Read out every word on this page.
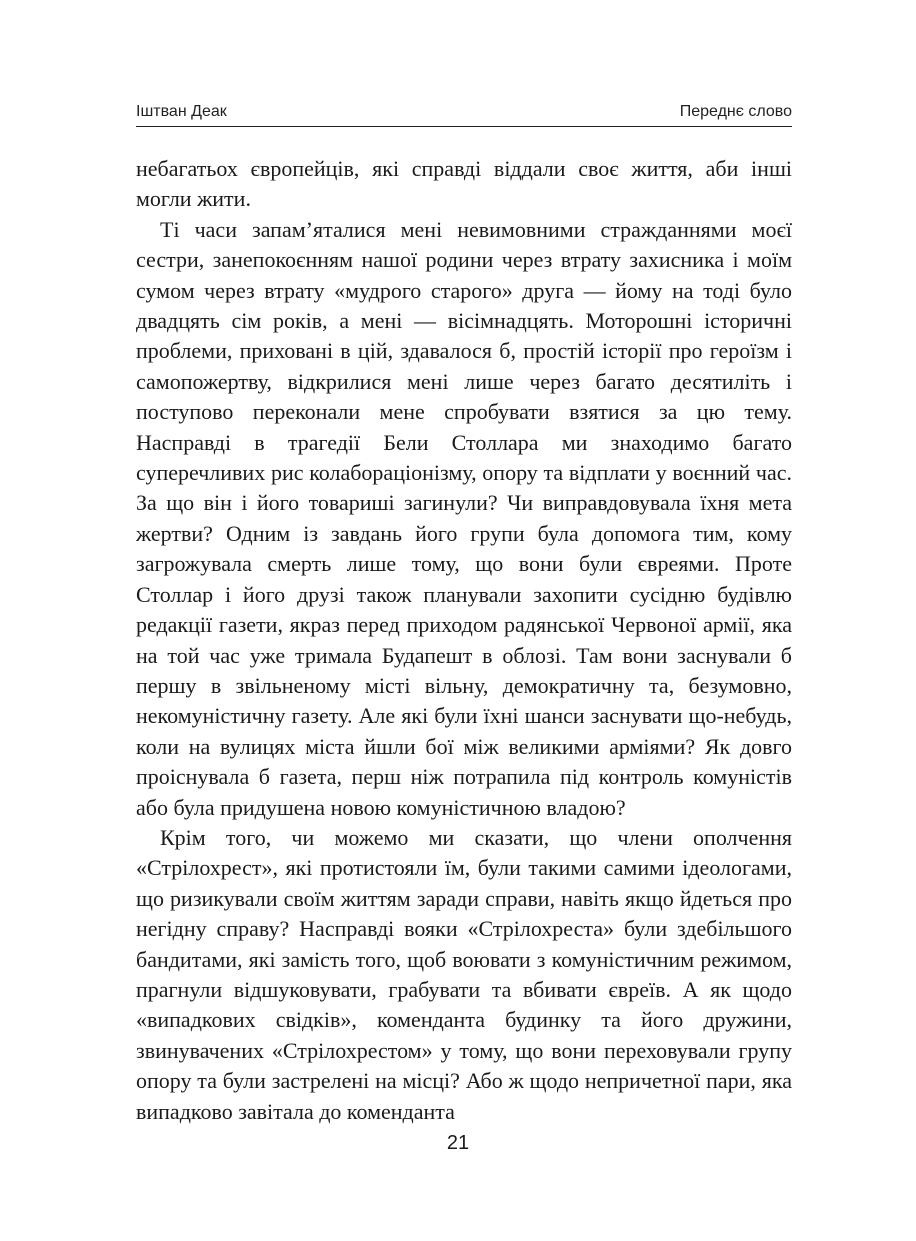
Іштван Деак	Переднє слово

небагатьох європейців, які справді віддали своє життя, аби інші могли жити.

Ті часи запам’яталися мені невимовними стражданнями моєї сестри, занепокоєнням нашої родини через втрату захисника і моїм сумом через втрату «мудрого старого» друга — йому на тоді було двадцять сім років, а мені — вісімнадцять. Моторошні історичні проблеми, приховані в цій, здавалося б, простій історії про героїзм і самопожертву, відкрилися мені лише через багато десятиліть і поступово переконали мене спробувати взятися за цю тему. Насправді в трагедії Бели Столлара ми знаходимо багато суперечливих рис колабораціонізму, опору та відплати у воєнний час. За що він і його товариші загинули? Чи виправдовувала їхня мета жертви? Одним із завдань його групи була допомога тим, кому загрожувала смерть лише тому, що вони були євреями. Проте Столлар і його друзі також планували захопити сусідню будівлю редакції газети, якраз перед приходом радянської Червоної армії, яка на той час уже тримала Будапешт в облозі. Там вони заснували б першу в звільненому місті вільну, демократичну та, безумовно, некомуністичну газету. Але які були їхні шанси заснувати що-небудь, коли на вулицях міста йшли бої між великими арміями? Як довго проіснувала б газета, перш ніж потрапила під контроль комуністів або була придушена новою комуністичною владою?

Крім того, чи можемо ми сказати, що члени ополчення «Стрілохрест», які протистояли їм, були такими самими ідеологами, що ризикували своїм життям заради справи, навіть якщо йдеться про негідну справу? Насправді вояки «Стрілохреста» були здебільшого бандитами, які замість того, щоб воювати з комуністичним режимом, прагнули відшуковувати, грабувати та вбивати євреїв. А як щодо «випадкових свідків», коменданта будинку та його дружини, звинувачених «Стрілохрестом» у тому, що вони переховували групу опору та були застрелені на місці? Або ж щодо непричетної пари, яка випадково завітала до коменданта

21
